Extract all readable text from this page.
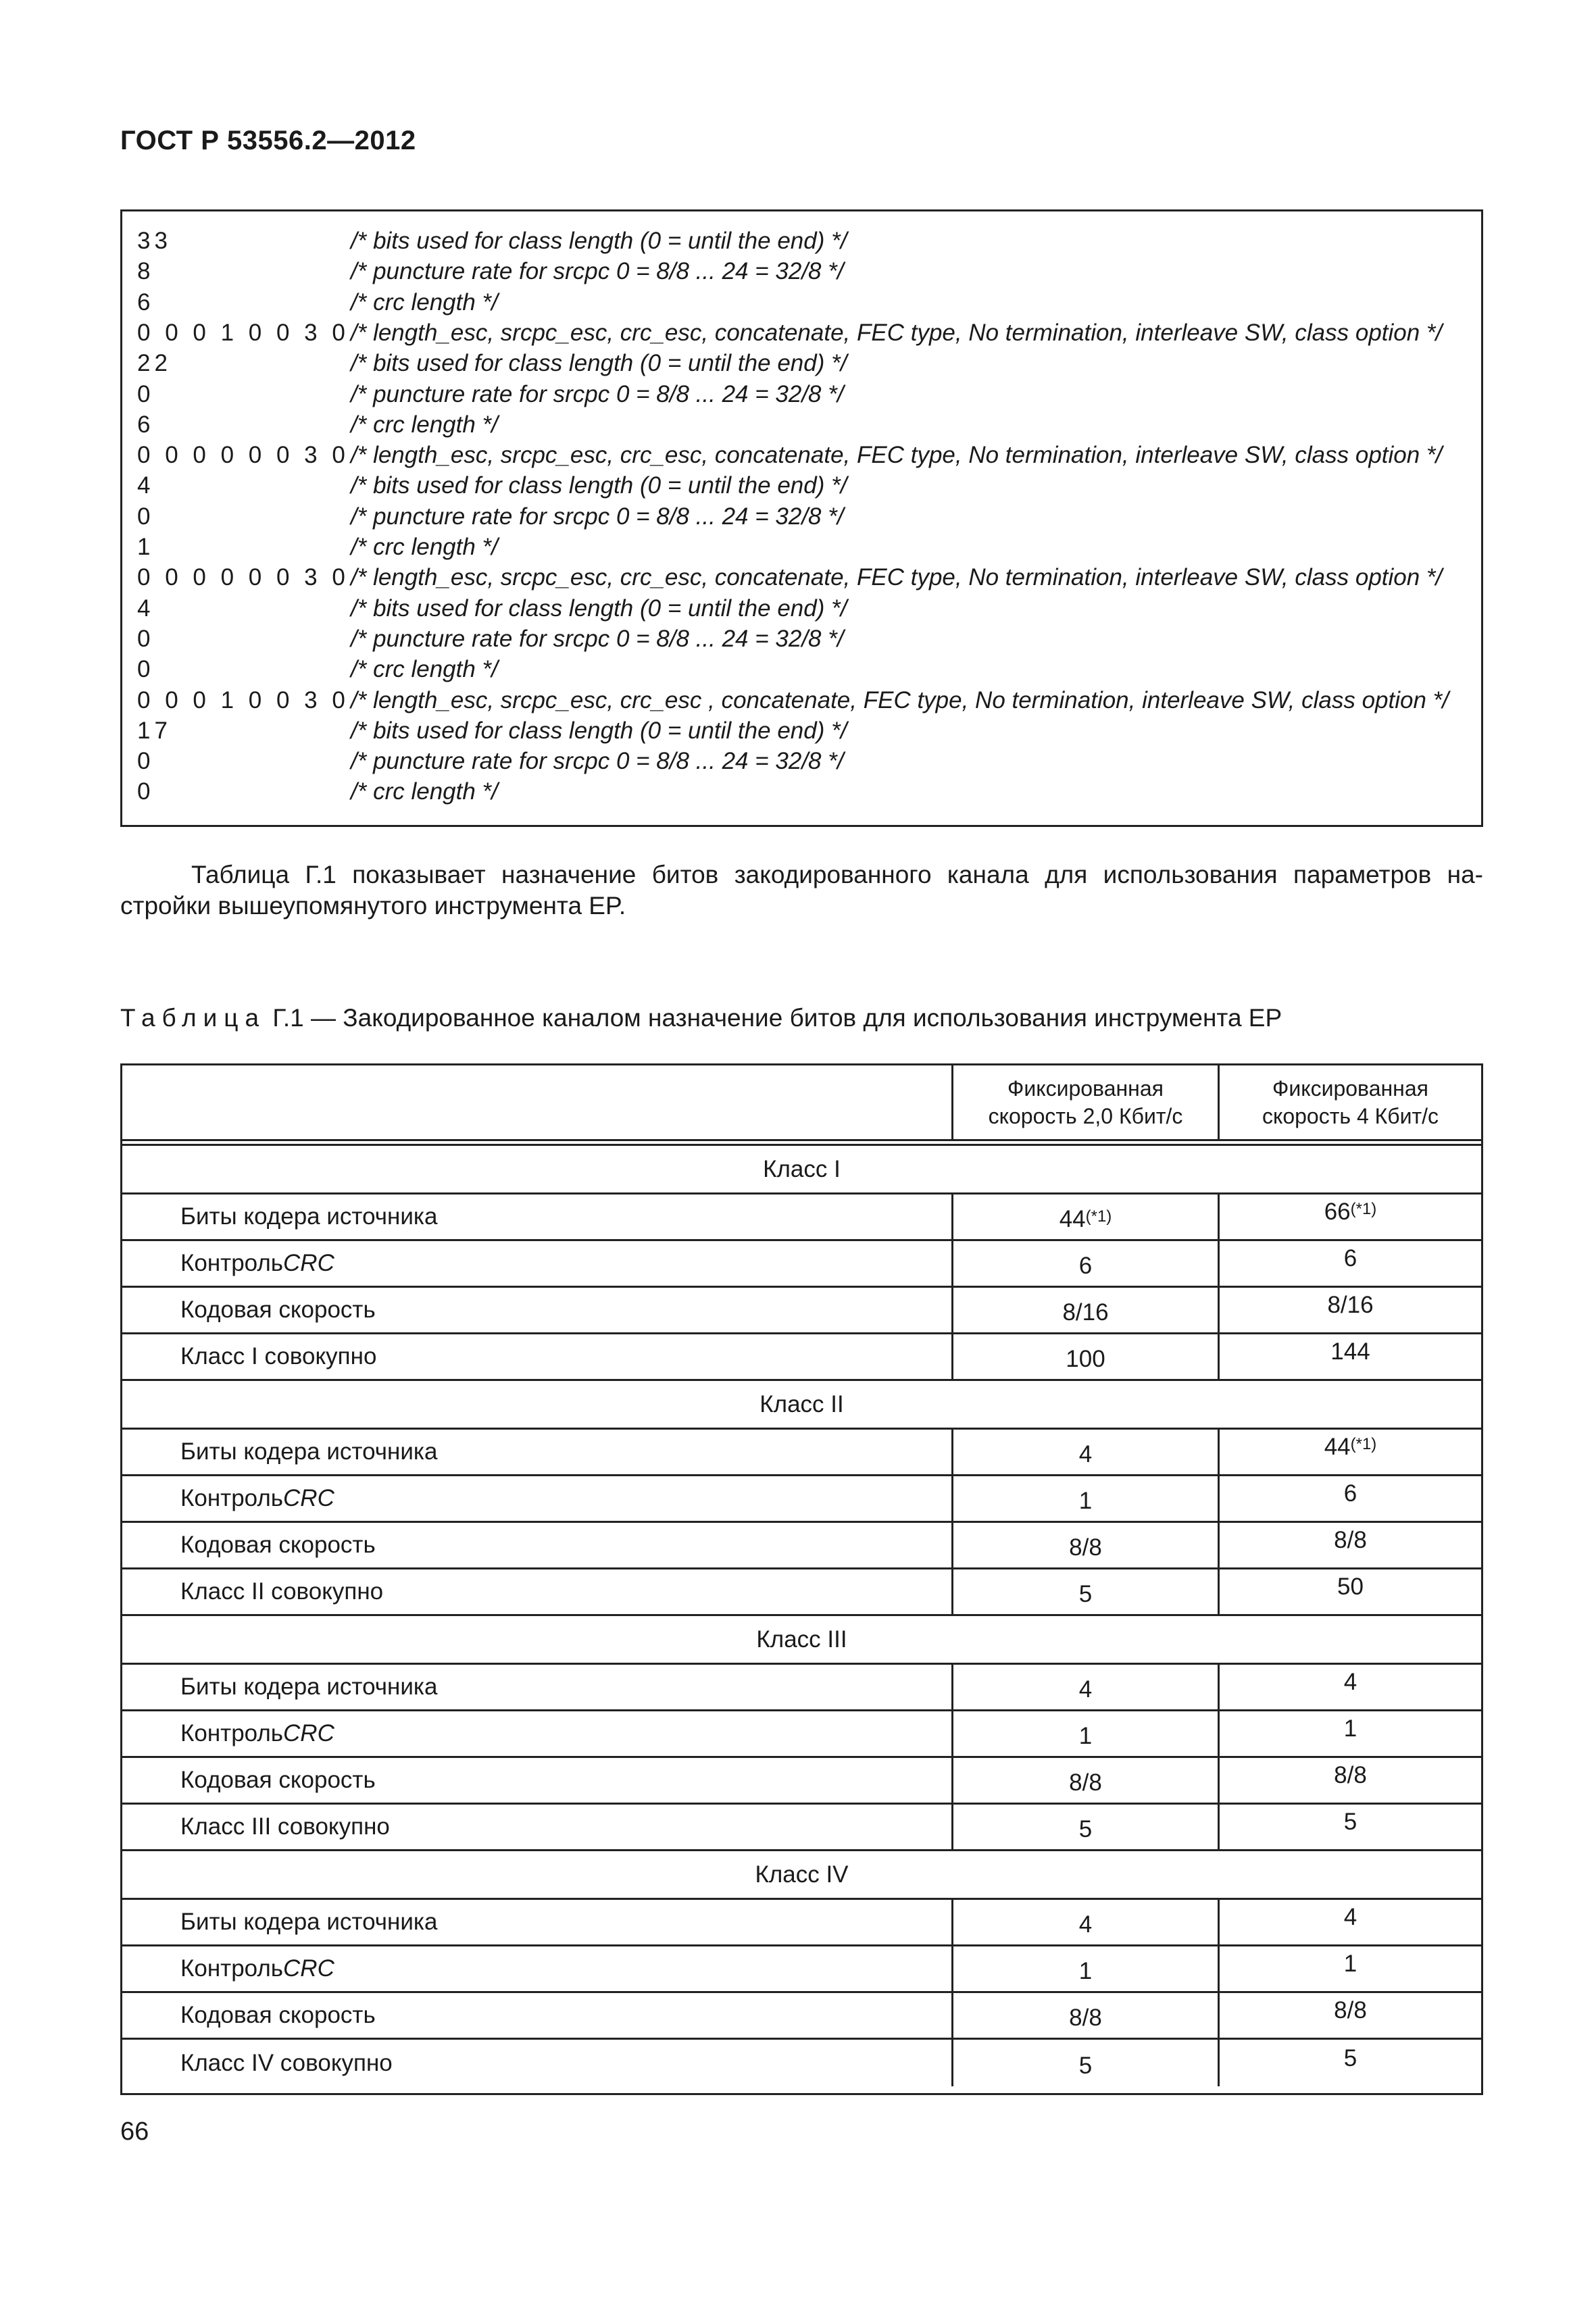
ГОСТ Р 53556.2—2012
33	/* bits used for class length (0 = until the end) */
8	/* puncture rate for srcpc 0 = 8/8 ... 24 = 32/8 */
6	/* crc length */
0 0 0 1 0 0 3 0 /* length_esc, srcpc_esc, crc_esc, concatenate, FEC type, No termination, interleave SW, class option */
22	/* bits used for class length (0 = until the end) */
0	/* puncture rate for srcpc 0 = 8/8 ... 24 = 32/8 */
6	/* crc length */
0 0 0 0 0 0 3 0 /* length_esc, srcpc_esc, crc_esc, concatenate, FEC type, No termination, interleave SW, class option */
4	/* bits used for class length (0 = until the end) */
0	/* puncture rate for srcpc 0 = 8/8 ... 24 = 32/8 */
1	/* crc length */
0 0 0 0 0 0 3 0 /* length_esc, srcpc_esc, crc_esc, concatenate, FEC type, No termination, interleave SW, class option */
4	/* bits used for class length (0 = until the end) */
0	/* puncture rate for srcpc 0 = 8/8 ... 24 = 32/8 */
0	/* crc length */
0 0 0 1 0 0 3 0 /* length_esc, srcpc_esc, crc_esc , concatenate, FEC type, No termination, interleave SW, class option */
17	/* bits used for class length (0 = until the end) */
0	/* puncture rate for srcpc 0 = 8/8 ... 24 = 32/8 */
0	/* crc length */
Таблица Г.1 показывает назначение битов закодированного канала для использования параметров на-
стройки вышеупомянутого инструмента EP.
Таблица Г.1 — Закодированное каналом назначение битов для использования инструмента EP
Фиксированная
скорость 2,0 Кбит/с
Фиксированная
скорость 4 Кбит/с
Класс I
Биты кодера источника	$44^{(*1)}$	$66^{(*1)}$
Контроль CRC	6	6
Кодовая скорость	8/16	8/16
Класс I совокупно	100	144
Класс II
Биты кодера источника	4	$44^{(*1)}$
Контроль CRC	1	6
Кодовая скорость	8/8	8/8
Класс II совокупно	5	50
Класс III
Биты кодера источника	4	4
Контроль CRC	1	1
Кодовая скорость	8/8	8/8
Класс III совокупно	5	5
Класс IV
Биты кодера источника	4	4
Контроль CRC	1	1
Кодовая скорость	8/8	8/8
Класс IV совокупно	5	5
66
